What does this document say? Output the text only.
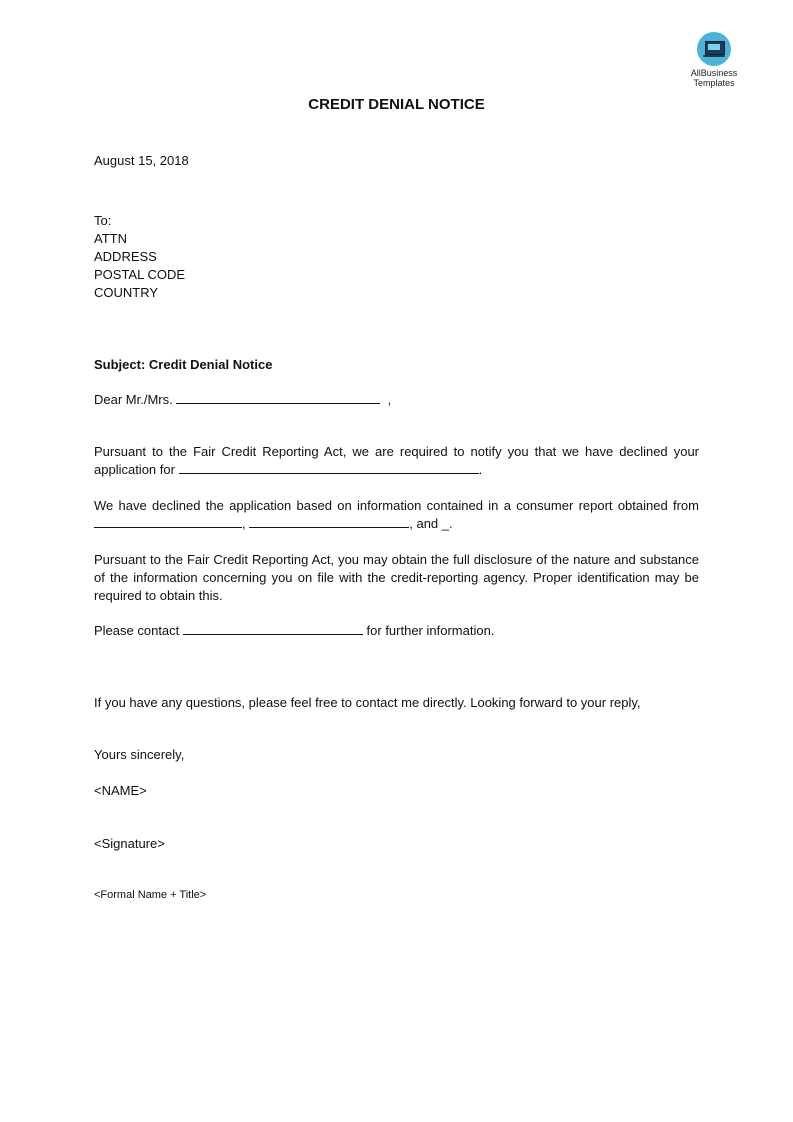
AllBusiness
Templates
CREDIT DENIAL NOTICE
August 15, 2018
To:
ATTN
ADDRESS
POSTAL CODE
COUNTRY
Subject: Credit Denial Notice
Dear Mr./Mrs.	,
Pursuant to the Fair Credit Reporting Act, we are required to notify you that we have declined your application for	.
We have declined the application based on information contained in a consumer report obtained from ,	, and _.
Pursuant to the Fair Credit Reporting Act, you may obtain the full disclosure of the nature and substance of the information concerning you on file with the credit-reporting agency. Proper identification may be required to obtain this.
Please contact	for further information.
If you have any questions, please feel free to contact me directly. Looking forward to your reply,
Yours sincerely,
<NAME>
<Signature>
<Formal Name + Title>
